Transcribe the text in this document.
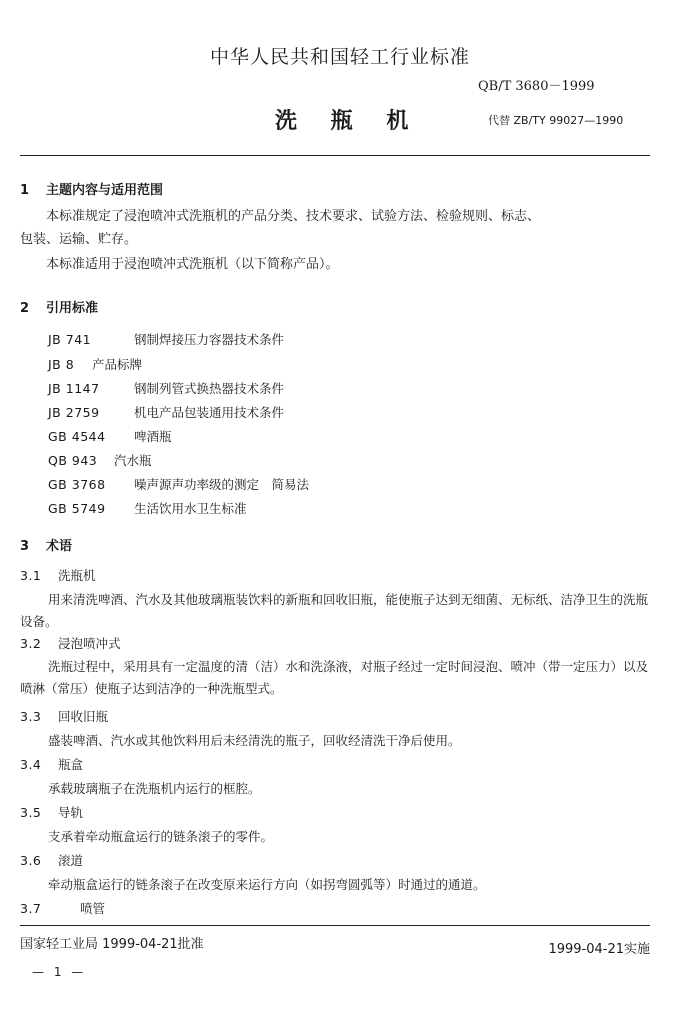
中华人民共和国轻工行业标准
QB/T 3680－1999
洗 瓶 机	代替 ZB/TY 99027—1990
1 主题内容与适用范围
本标准规定了浸泡喷冲式洗瓶机的产品分类、技术要求、试验方法、检验规则、标志、
包装、运输、贮存。
本标准适用于浸泡喷冲式洗瓶机（以下简称产品）。
2 引用标准
JB 741	钢制焊接压力容器技术条件
JB 8 产品标牌
JB 1147	钢制列管式换热器技术条件
JB 2759	机电产品包装通用技术条件
GB 4544 啤酒瓶
QB 943 汽水瓶
GB 3768 噪声源声功率级的测定　简易法
GB 5749 生活饮用水卫生标准
3 术语
3.1 洗瓶机
用来清洗啤酒、汽水及其他玻璃瓶装饮料的新瓶和回收旧瓶，能使瓶子达到无细菌、无标纸、洁净卫生的洗瓶设备。
3.2 浸泡喷冲式
洗瓶过程中，采用具有一定温度的清（洁）水和洗涤液，对瓶子经过一定时间浸泡、喷冲（带一定压力）以及喷淋（常压）使瓶子达到洁净的一种洗瓶型式。
3.3 回收旧瓶
盛装啤酒、汽水或其他饮料用后未经清洗的瓶子，回收经清洗干净后使用。
3.4 瓶盒
承载玻璃瓶子在洗瓶机内运行的框腔。
3.5 导轨
支承着牵动瓶盒运行的链条滚子的零件。
3.6 滚道
牵动瓶盒运行的链条滚子在改变原来运行方向（如拐弯圆弧等）时通过的通道。
3.7	喷管
国家轻工业局 1999-04-21批准	1999-04-21实施
— 1 —
